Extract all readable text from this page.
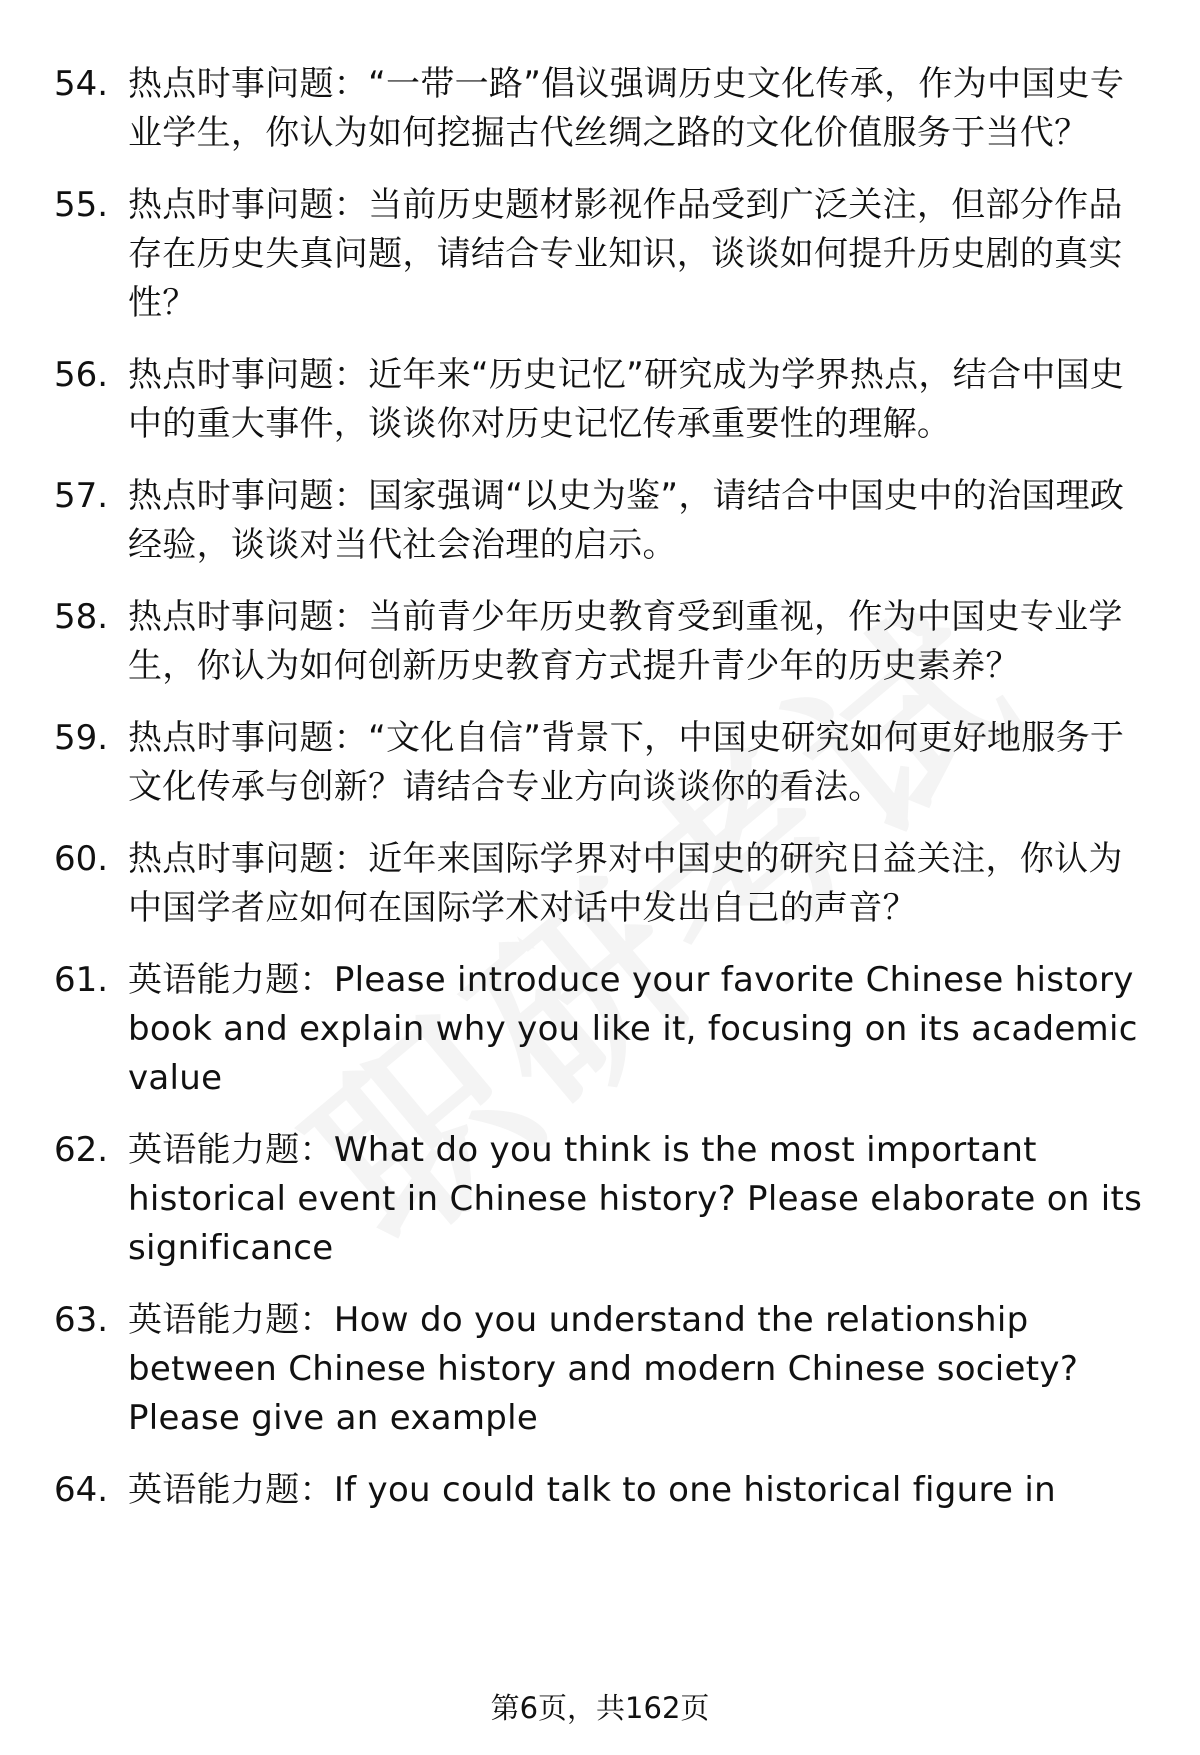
54. 热点时事问题：“一带一路”倡议强调历史文化传承，作为中国史专业学生，你认为如何挖掘古代丝绸之路的文化价值服务于当代？
55. 热点时事问题：当前历史题材影视作品受到广泛关注，但部分作品存在历史失真问题，请结合专业知识，谈谈如何提升历史剧的真实性？
56. 热点时事问题：近年来“历史记忆”研究成为学界热点，结合中国史中的重大事件，谈谈你对历史记忆传承重要性的理解。
57. 热点时事问题：国家强调“以史为鉴”，请结合中国史中的治国理政经验，谈谈对当代社会治理的启示。
58. 热点时事问题：当前青少年历史教育受到重视，作为中国史专业学生，你认为如何创新历史教育方式提升青少年的历史素养？
59. 热点时事问题：“文化自信”背景下，中国史研究如何更好地服务于文化传承与创新？请结合专业方向谈谈你的看法。
60. 热点时事问题：近年来国际学界对中国史的研究日益关注，你认为中国学者应如何在国际学术对话中发出自己的声音？
61. 英语能力题：Please introduce your favorite Chinese history book and explain why you like it, focusing on its academic value
62. 英语能力题：What do you think is the most important historical event in Chinese history? Please elaborate on its significance
63. 英语能力题：How do you understand the relationship between Chinese history and modern Chinese society? Please give an example
64. 英语能力题：If you could talk to one historical figure in
第6页，共162页
